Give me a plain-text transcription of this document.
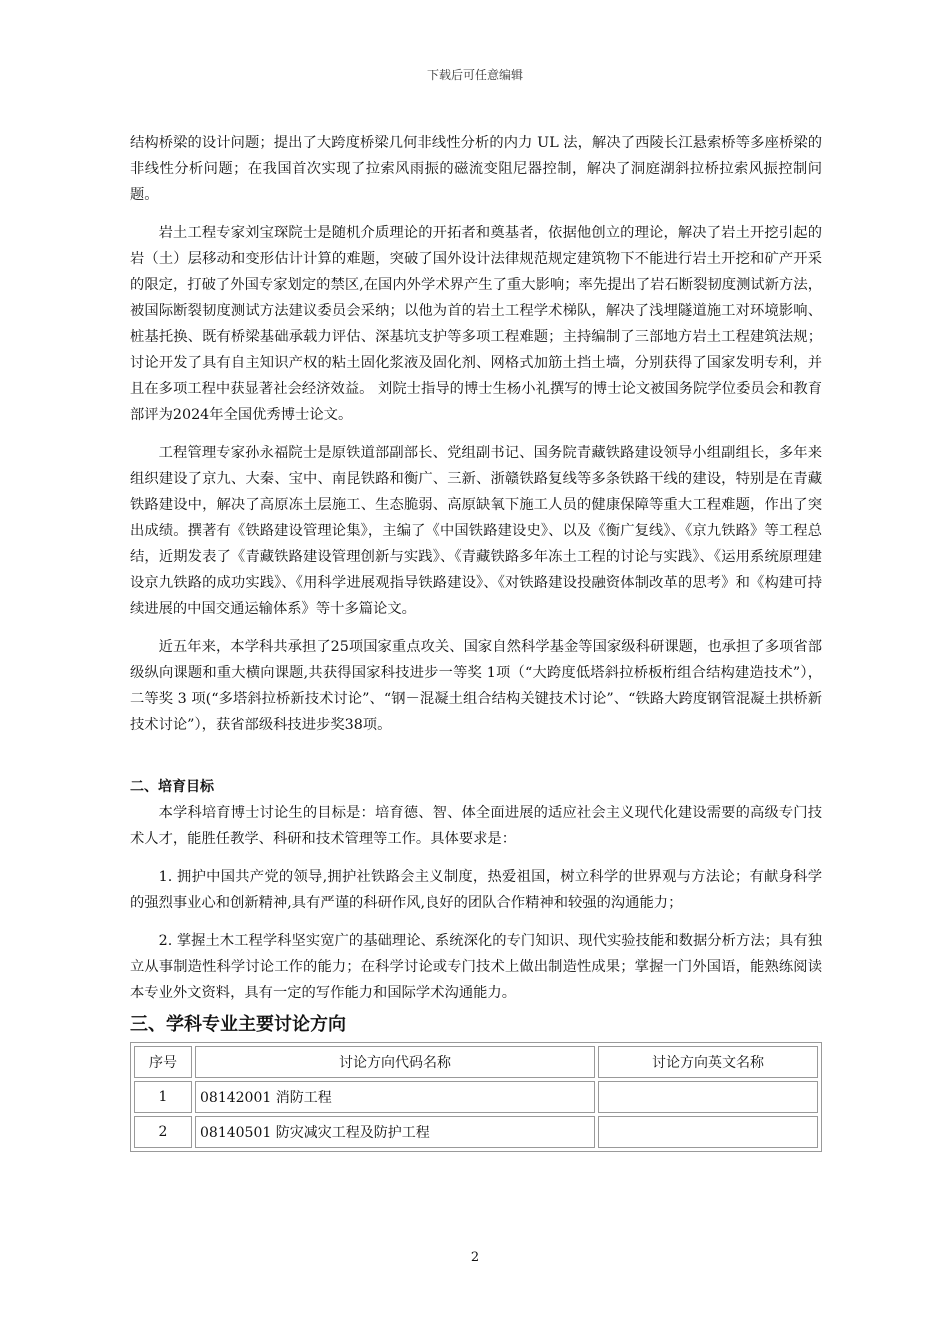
下载后可任意编辑

结构桥梁的设计问题；提出了大跨度桥梁几何非线性分析的内力 UL 法，解决了西陵长江悬索桥等多座桥梁的非线性分析问题；在我国首次实现了拉索风雨振的磁流变阻尼器控制，解决了洞庭湖斜拉桥拉索风振控制问题。

岩土工程专家刘宝琛院士是随机介质理论的开拓者和奠基者，依据他创立的理论，解决了岩土开挖引起的岩（土）层移动和变形估计计算的难题，突破了国外设计法律规范规定建筑物下不能进行岩土开挖和矿产开采的限定，打破了外国专家划定的禁区,在国内外学术界产生了重大影响；率先提出了岩石断裂韧度测试新方法，被国际断裂韧度测试方法建议委员会采纳；以他为首的岩土工程学术梯队，解决了浅埋隧道施工对环境影响、桩基托换、既有桥梁基础承载力评估、深基坑支护等多项工程难题；主持编制了三部地方岩土工程建筑法规；讨论开发了具有自主知识产权的粘土固化浆液及固化剂、网格式加筋土挡土墙，分别获得了国家发明专利，并且在多项工程中获显著社会经济效益。 刘院士指导的博士生杨小礼撰写的博士论文被国务院学位委员会和教育部评为2024年全国优秀博士论文。

工程管理专家孙永福院士是原铁道部副部长、党组副书记、国务院青藏铁路建设领导小组副组长，多年来组织建设了京九、大秦、宝中、南昆铁路和衡广、三新、浙赣铁路复线等多条铁路干线的建设，特别是在青藏铁路建设中，解决了高原冻土层施工、生态脆弱、高原缺氧下施工人员的健康保障等重大工程难题，作出了突出成绩。撰著有《铁路建设管理论集》，主编了《中国铁路建设史》、以及《衡广复线》、《京九铁路》等工程总结，近期发表了《青藏铁路建设管理创新与实践》、《青藏铁路多年冻土工程的讨论与实践》、《运用系统原理建设京九铁路的成功实践》、《用科学进展观指导铁路建设》、《对铁路建设投融资体制改革的思考》和《构建可持续进展的中国交通运输体系》等十多篇论文。

近五年来，本学科共承担了25项国家重点攻关、国家自然科学基金等国家级科研课题，也承担了多项省部级纵向课题和重大横向课题,共获得国家科技进步一等奖 1项（“大跨度低塔斜拉桥板桁组合结构建造技术”），二等奖 3 项(“多塔斜拉桥新技术讨论”、“钢－混凝土组合结构关键技术讨论”、“铁路大跨度钢管混凝土拱桥新技术讨论”），获省部级科技进步奖38项。

二、培育目标

本学科培育博士讨论生的目标是：培育德、智、体全面进展的适应社会主义现代化建设需要的高级专门技术人才，能胜任教学、科研和技术管理等工作。具体要求是：

1. 拥护中国共产党的领导,拥护社铁路会主义制度，热爱祖国，树立科学的世界观与方法论；有献身科学的强烈事业心和创新精神,具有严谨的科研作风,良好的团队合作精神和较强的沟通能力；

2. 掌握土木工程学科坚实宽广的基础理论、系统深化的专门知识、现代实验技能和数据分析方法；具有独立从事制造性科学讨论工作的能力；在科学讨论或专门技术上做出制造性成果；掌握一门外国语，能熟练阅读本专业外文资料，具有一定的写作能力和国际学术沟通能力。

三、学科专业主要讨论方向
序号	讨论方向代码名称	讨论方向英文名称
1	08142001 消防工程	
2	08140501 防灾减灾工程及防护工程	
2
